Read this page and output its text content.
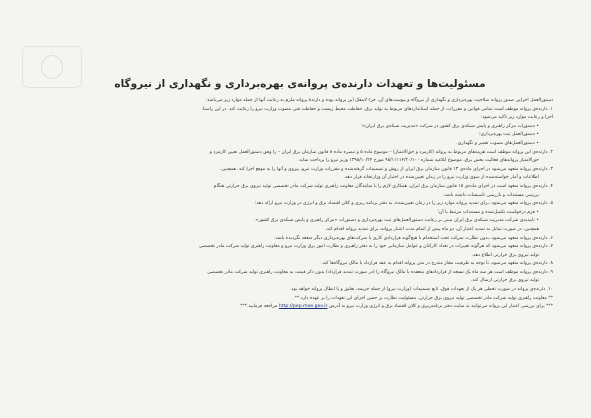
مسئولیت‌ها و تعهدات دارنده‌ی پروانه‌ی بهره‌برداری و نگهداری از نیروگاه
دستورالعمل اجرایی صدور پروانه صلاحیت بهره‌برداری و نگهداری از نیروگاه و پیوست‌های آن، جزء لاینفک این پروانه بوده و دارندهٔ پروانه ملزم به رعایت آنها از جمله موارد زیر می‌باشد:
۱. دارنده‌ی پروانه موظف است تمامی قوانین و مقررات، از جمله استانداردهای مربوط به تولید برق، حفاظت محیط زیست و حفاظت فنی مصوب وزارت نیرو را رعایت کند. در این راستا،
اجرا و رعایت موارد زیر تأکید می‌شود:
• دستورات مرکز راهبری و پایش شبکه‌ی برق کشور در شرکت «مدیریت شبکه‌ی برق ایران»؛
• دستورالعمل ثبت بهره‌برداری؛
• دستورالعمل‌های مصوب تعمیر و نگهداری.
۲. دارنده‌ی این پروانه موظف است هزینه‌های مربوط به پروانه (کارمزد و حق‌الامتیاز) – موضوع ماده ۵ و تبصره ماده ۸ قانون سازمان برق ایران – را وفق دستورالعمل تعیین کارمزد و
حق‌الامتیاز پروانه‌های فعالیت بخش برق، موضوع ابلاغیه شماره ۹۸/۱۱۱۱۴/۲۰/۱۰۰ مورخ ۱۳۹۸/۱۰/۲۴ وزیر نیرو را پرداخت نماید.
۳. دارنده‌ی پروانه متعهد می‌شود در اجرای ماده‌ی ۱۳ قانون سازمان برق ایران از روش و تصمیمات گرفته‌شده و مقررات وزارت نیرو، پیروی و آنها را به موقع اجرا کند. همچنین،
اطلاعات و آمار خواسته‌شده از سوی وزارت نیرو را در زمان تعیین‌شده در اختیار آن وزارتخانه قرار دهد.
۴. دارنده‌ی پروانه متعهد است در اجرای ماده‌ی ۱۵ قانون سازمان برق ایران، همکاری لازم را با نمایندگان معاونت راهبری تولید شرکت مادر تخصصی تولید نیروی برق حرارتی هنگام
بررسی مستندات و بازرسی تأسیسات داشته باشد.
۵. دارنده‌ی پروانه متعهد می‌شود، برای تمدید پروانه موارد زیر را در زمان تعیین‌شده، به دفتر برنامه ریزی و کلان اقتصاد برق و انرژی در وزارت نیرو ارائه دهد:
• فرم درخواست تکمیل‌شده و مستندات مرتبط با آن؛
• تأییدیه‌ی شرکت مدیریت شبکه‌ی برق ایران مبنی بر رعایت دستورالعمل‌های ثبت بهره‌برداری و دستورات «مرکز راهبری و پایش شبکه‌ی برق کشور».
همچنین، در صورت تمایل به تمدید اعتبار آن، دو ماه پیش از اتمام مدت اعتبار پروانه، برای تمدید پروانه اقدام کند.
۶. دارنده‌ی پروانه متعهد می‌شود، بدون نظارت شرکت تحت استخدام یا هیچ‌گونه قراردادی کاری با شرکت‌های بهره‌برداری دیگر منعقد نگردیده باشد.
۷. دارنده‌ی پروانه متعهد می‌شود که هرگونه تغییرات در تعداد کارکنان و عوامل سازمانی خود را به دفتر راهبری و نظارت امور برق وزارت نیرو و معاونت راهبری تولید شرکت مادر تخصصی
تولید نیروی برق حرارتی اطلاع دهد.
۸. دارنده‌ی پروانه متعهد می‌شود، تا توجه به ظرفیت مجاز مندرج در متن پروانه اقدام به عقد قرارداد با مالک نیروگاه‌ها کند.
۹. دارنده‌ی پروانه موظف است هر سه ماه یک نسخه از قراردادهای منعقده با مالک نیروگاه را (در صورت تمدید قرارداد) بدون ذکر قیمت به معاونت راهبری تولید شرکت مادر تخصصی
تولید نیروی برق حرارتی ارسال کند.
۱۰. دارنده‌ی پروانه در صورت تخطی هر یک از تعهدات فوق، تابع تصمیمات (وزارت نیرو) از جمله جریمه، تعلیق و یا ابطال پروانه خواهد بود.
** معاونت راهبری تولید شرکت مادر تخصصی تولید نیروی برق حرارتی، مسئولیت نظارت بر حسن اجرای این تعهدات را بر عهده دارد.**
*** برای بررسی اعتبار این پروانه می‌توانید به سایت دفتر برنامه‌ریزی و کلان اقتصاد برق و انرژی وزارت نیرو به آدرس http://pep.moe.gov.ir مراجعه فرمایید.***
